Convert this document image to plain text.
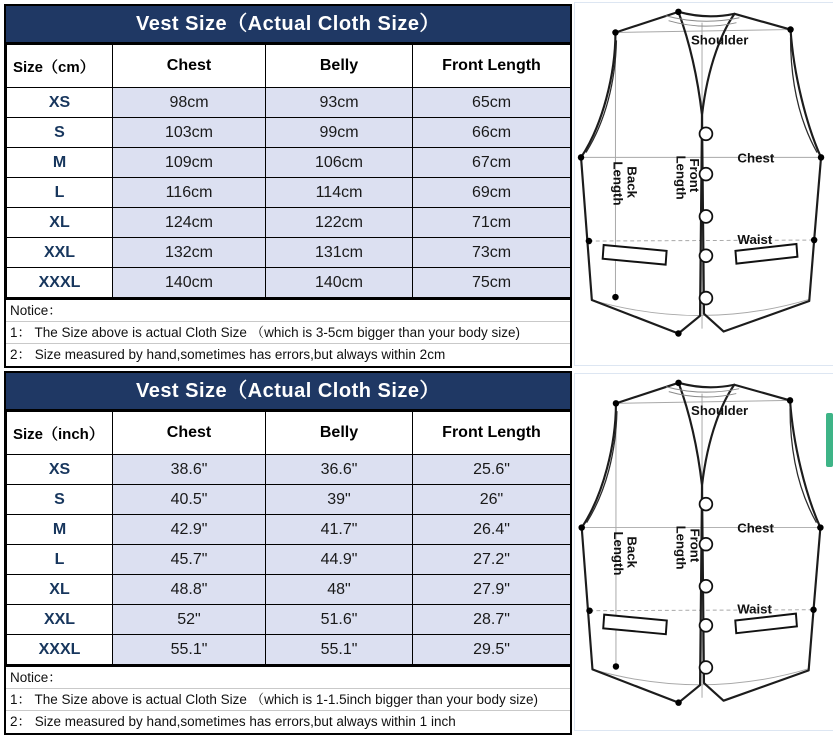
Vest Size（Actual Cloth Size）
Size（cm）	Chest	Belly	Front Length
XS	98cm	93cm	65cm
S	103cm	99cm	66cm
M	109cm	106cm	67cm
L	116cm	114cm	69cm
XL	124cm	122cm	71cm
XXL	132cm	131cm	73cm
XXXL	140cm	140cm	75cm
Notice：
1： The Size above is actual Cloth Size （which is 3-5cm bigger than your body size)
2： Size measured by hand,sometimes has errors,but always within 2cm
Vest Size（Actual Cloth Size）
Size（inch）	Chest	Belly	Front Length
XS	38.6"	36.6"	25.6"
S	40.5"	39"	26"
M	42.9"	41.7"	26.4"
L	45.7"	44.9"	27.2"
XL	48.8"	48"	27.9"
XXL	52"	51.6"	28.7"
XXXL	55.1"	55.1"	29.5"
Notice：
1： The Size above is actual Cloth Size （which is 1-1.5inch bigger than your body size)
2： Size measured by hand,sometimes has errors,but always within 1 inch
Shoulder
Chest
Waist
Back
Length	Front
Length
Shoulder
Chest
Waist
Back
Length	Front
Length
